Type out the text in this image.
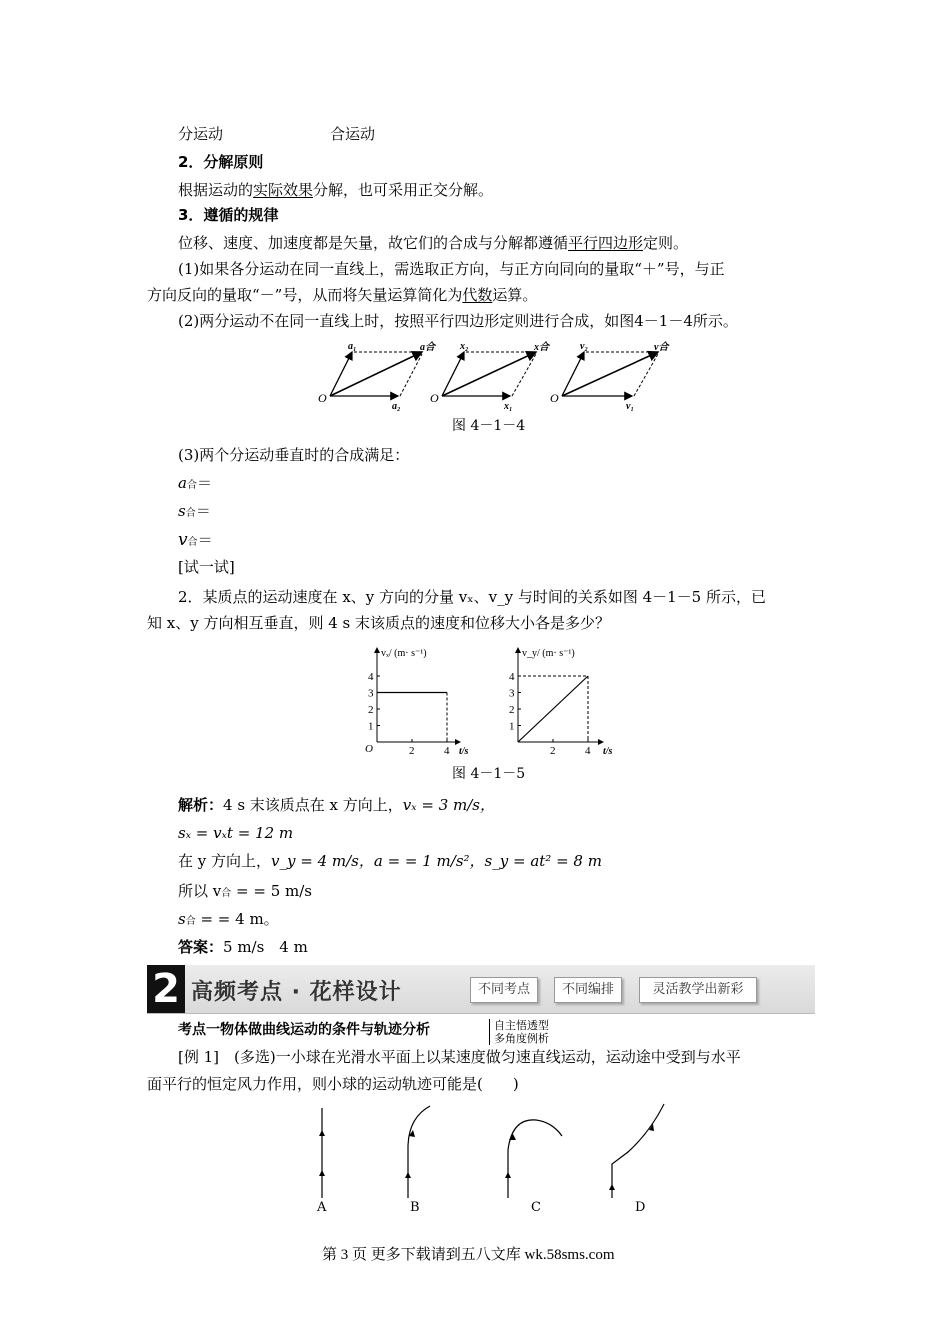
分运动	合运动
2．分解原则
根据运动的实际效果分解，也可采用正交分解。
3．遵循的规律
位移、速度、加速度都是矢量，故它们的合成与分解都遵循平行四边形定则。
(1)如果各分运动在同一直线上，需选取正方向，与正方向同向的量取“＋”号，与正
方向反向的量取“－”号，从而将矢量运算简化为代数运算。
(2)两分运动不在同一直线上时，按照平行四边形定则进行合成，如图4－1－4所示。
O
a₁	a合
a₂
O
x₂	x合
x₁
O
v₂	v合
v₁
图 4－1－4
(3)两个分运动垂直时的合成满足：
a合＝
s合＝
v合＝
[试一试]
2．某质点的运动速度在 x、y 方向的分量 vₓ、v_y 与时间的关系如图 4－1－5 所示，已
知 x、y 方向相互垂直，则 4 s 末该质点的速度和位移大小各是多少？
O
vₓ/ (m· s⁻¹)
t/s
1
2
3
4
2	4
v_y/ (m· s⁻¹)
t/s
1
2
3
4
2	4
图 4－1－5
解析：4 s 末该质点在 x 方向上，vₓ = 3 m/s，
sₓ = vₓt = 12 m
在 y 方向上，v_y = 4 m/s，a = = 1 m/s²，s_y = at² = 8 m
所以 v合 = = 5 m/s
s合 = = 4 m。
答案：5 m/s　4 m
2 高频考点 · 花样设计	不同考点	不同编排	灵活教学出新彩
考点一物体做曲线运动的条件与轨迹分析	自主悟透型
多角度例析
[例 1]　(多选)一小球在光滑水平面上以某速度做匀速直线运动，运动途中受到与水平
面平行的恒定风力作用，则小球的运动轨迹可能是(　　)
A	B	C	D
第 3 页 更多下载请到五八文库 wk.58sms.com
